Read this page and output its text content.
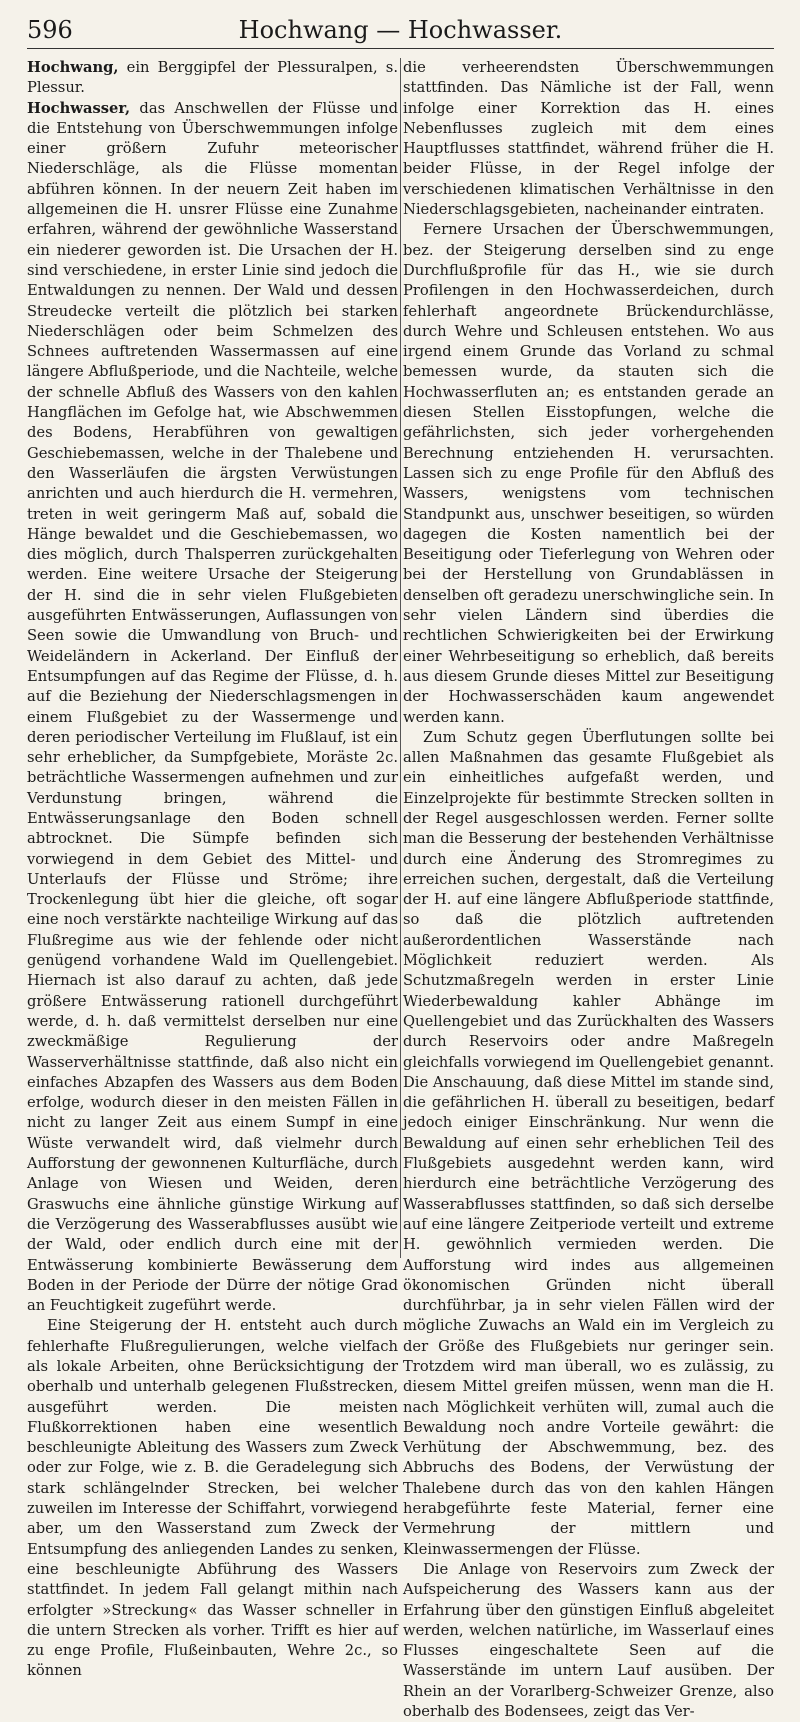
596	Hochwang — Hochwasser.

Hochwang, ein Berggipfel der Plessuralpen, s. Plessur.

Hochwasser, das Anschwellen der Flüsse und die Entstehung von Überschwemmungen infolge einer größern Zufuhr meteorischer Niederschläge, als die Flüsse momentan abführen können. In der neuern Zeit haben im allgemeinen die H. unsrer Flüsse eine Zunahme erfahren, während der gewöhnliche Wasserstand ein niederer geworden ist. Die Ursachen der H. sind verschiedene, in erster Linie sind jedoch die Entwaldungen zu nennen. Der Wald und dessen Streudecke verteilt die plötzlich bei starken Niederschlägen oder beim Schmelzen des Schnees auftretenden Wassermassen auf eine längere Abflußperiode, und die Nachteile, welche der schnelle Abfluß des Wassers von den kahlen Hangflächen im Gefolge hat, wie Abschwemmen des Bodens, Herabführen von gewaltigen Geschiebemassen, welche in der Thalebene und den Wasserläufen die ärgsten Verwüstungen anrichten und auch hierdurch die H. vermehren, treten in weit geringerm Maß auf, sobald die Hänge bewaldet und die Geschiebemassen, wo dies möglich, durch Thalsperren zurückgehalten werden. Eine weitere Ursache der Steigerung der H. sind die in sehr vielen Flußgebieten ausgeführten Entwässerungen, Auflassungen von Seen sowie die Umwandlung von Bruch- und Weideländern in Ackerland. Der Einfluß der Entsumpfungen auf das Regime der Flüsse, d. h. auf die Beziehung der Niederschlagsmengen in einem Flußgebiet zu der Wassermenge und deren periodischer Verteilung im Flußlauf, ist ein sehr erheblicher, da Sumpfgebiete, Moräste 2c. beträchtliche Wassermengen aufnehmen und zur Verdunstung bringen, während die Entwässerungsanlage den Boden schnell abtrocknet. Die Sümpfe befinden sich vorwiegend in dem Gebiet des Mittel- und Unterlaufs der Flüsse und Ströme; ihre Trockenlegung übt hier die gleiche, oft sogar eine noch verstärkte nachteilige Wirkung auf das Flußregime aus wie der fehlende oder nicht genügend vorhandene Wald im Quellengebiet. Hiernach ist also darauf zu achten, daß jede größere Entwässerung rationell durchgeführt werde, d. h. daß vermittelst derselben nur eine zweckmäßige Regulierung der Wasserverhältnisse stattfinde, daß also nicht ein einfaches Abzapfen des Wassers aus dem Boden erfolge, wodurch dieser in den meisten Fällen in nicht zu langer Zeit aus einem Sumpf in eine Wüste verwandelt wird, daß vielmehr durch Aufforstung der gewonnenen Kulturfläche, durch Anlage von Wiesen und Weiden, deren Graswuchs eine ähnliche günstige Wirkung auf die Verzögerung des Wasserabflusses ausübt wie der Wald, oder endlich durch eine mit der Entwässerung kombinierte Bewässerung dem Boden in der Periode der Dürre der nötige Grad an Feuchtigkeit zugeführt werde.

Eine Steigerung der H. entsteht auch durch fehlerhafte Flußregulierungen, welche vielfach als lokale Arbeiten, ohne Berücksichtigung der oberhalb und unterhalb gelegenen Flußstrecken, ausgeführt werden. Die meisten Flußkorrektionen haben eine wesentlich beschleunigte Ableitung des Wassers zum Zweck oder zur Folge, wie z. B. die Geradelegung sich stark schlängelnder Strecken, bei welcher zuweilen im Interesse der Schiffahrt, vorwiegend aber, um den Wasserstand zum Zweck der Entsumpfung des anliegenden Landes zu senken, eine beschleunigte Abführung des Wassers stattfindet. In jedem Fall gelangt mithin nach erfolgter »Streckung« das Wasser schneller in die untern Strecken als vorher. Trifft es hier auf zu enge Profile, Flußeinbauten, Wehre 2c., so können

die verheerendsten Überschwemmungen stattfinden. Das Nämliche ist der Fall, wenn infolge einer Korrektion das H. eines Nebenflusses zugleich mit dem eines Hauptflusses stattfindet, während früher die H. beider Flüsse, in der Regel infolge der verschiedenen klimatischen Verhältnisse in den Niederschlagsgebieten, nacheinander eintraten.

Fernere Ursachen der Überschwemmungen, bez. der Steigerung derselben sind zu enge Durchflußprofile für das H., wie sie durch Profilengen in den Hochwasserdeichen, durch fehlerhaft angeordnete Brückendurchlässe, durch Wehre und Schleusen entstehen. Wo aus irgend einem Grunde das Vorland zu schmal bemessen wurde, da stauten sich die Hochwasserfluten an; es entstanden gerade an diesen Stellen Eisstopfungen, welche die gefährlichsten, sich jeder vorhergehenden Berechnung entziehenden H. verursachten. Lassen sich zu enge Profile für den Abfluß des Wassers, wenigstens vom technischen Standpunkt aus, unschwer beseitigen, so würden dagegen die Kosten namentlich bei der Beseitigung oder Tieferlegung von Wehren oder bei der Herstellung von Grundablässen in denselben oft geradezu unerschwingliche sein. In sehr vielen Ländern sind überdies die rechtlichen Schwierigkeiten bei der Erwirkung einer Wehrbeseitigung so erheblich, daß bereits aus diesem Grunde dieses Mittel zur Beseitigung der Hochwasserschäden kaum angewendet werden kann.

Zum Schutz gegen Überflutungen sollte bei allen Maßnahmen das gesamte Flußgebiet als ein einheitliches aufgefaßt werden, und Einzelprojekte für bestimmte Strecken sollten in der Regel ausgeschlossen werden. Ferner sollte man die Besserung der bestehenden Verhältnisse durch eine Änderung des Stromregimes zu erreichen suchen, dergestalt, daß die Verteilung der H. auf eine längere Abflußperiode stattfinde, so daß die plötzlich auftretenden außerordentlichen Wasserstände nach Möglichkeit reduziert werden. Als Schutzmaßregeln werden in erster Linie Wiederbewaldung kahler Abhänge im Quellengebiet und das Zurückhalten des Wassers durch Reservoirs oder andre Maßregeln gleichfalls vorwiegend im Quellengebiet genannt. Die Anschauung, daß diese Mittel im stande sind, die gefährlichen H. überall zu beseitigen, bedarf jedoch einiger Einschränkung. Nur wenn die Bewaldung auf einen sehr erheblichen Teil des Flußgebiets ausgedehnt werden kann, wird hierdurch eine beträchtliche Verzögerung des Wasserabflusses stattfinden, so daß sich derselbe auf eine längere Zeitperiode verteilt und extreme H. gewöhnlich vermieden werden. Die Aufforstung wird indes aus allgemeinen ökonomischen Gründen nicht überall durchführbar, ja in sehr vielen Fällen wird der mögliche Zuwachs an Wald ein im Vergleich zu der Größe des Flußgebiets nur geringer sein. Trotzdem wird man überall, wo es zulässig, zu diesem Mittel greifen müssen, wenn man die H. nach Möglichkeit verhüten will, zumal auch die Bewaldung noch andre Vorteile gewährt: die Verhütung der Abschwemmung, bez. des Abbruchs des Bodens, der Verwüstung der Thalebene durch das von den kahlen Hängen herabgeführte feste Material, ferner eine Vermehrung der mittlern und Kleinwassermengen der Flüsse.

Die Anlage von Reservoirs zum Zweck der Aufspeicherung des Wassers kann aus der Erfahrung über den günstigen Einfluß abgeleitet werden, welchen natürliche, im Wasserlauf eines Flusses eingeschaltete Seen auf die Wasserstände im untern Lauf ausüben. Der Rhein an der Vorarlberg-Schweizer Grenze, also oberhalb des Bodensees, zeigt das Ver-
